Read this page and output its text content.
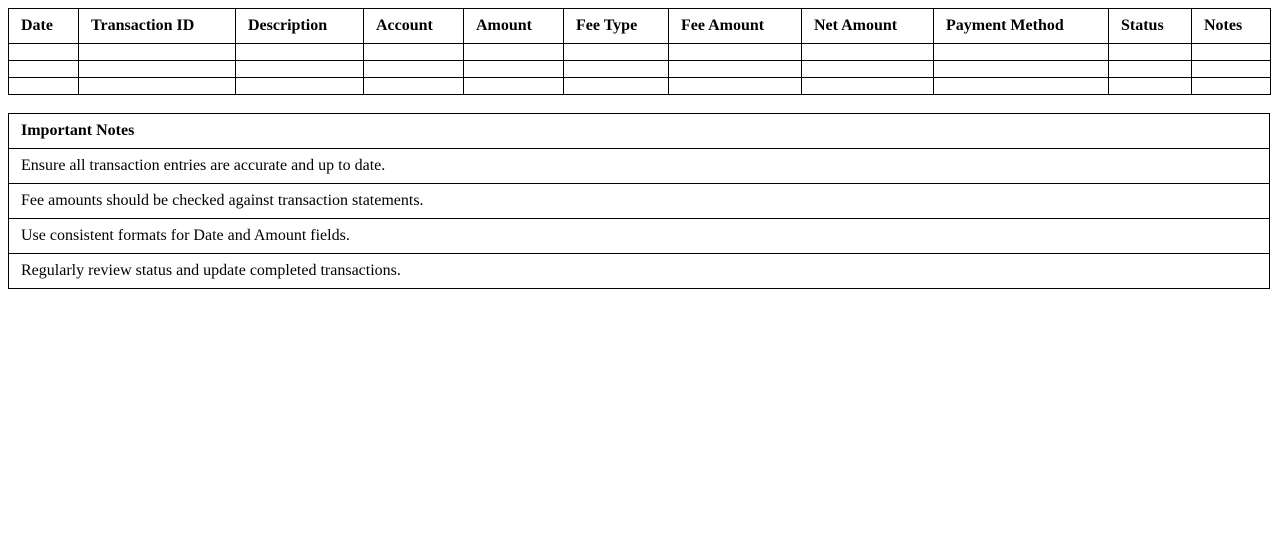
Date	Transaction ID	Description	Account	Amount	Fee Type	Fee Amount	Net Amount	Payment Method	Status	Notes

Important Notes
Ensure all transaction entries are accurate and up to date.
Fee amounts should be checked against transaction statements.
Use consistent formats for Date and Amount fields.
Regularly review status and update completed transactions.
